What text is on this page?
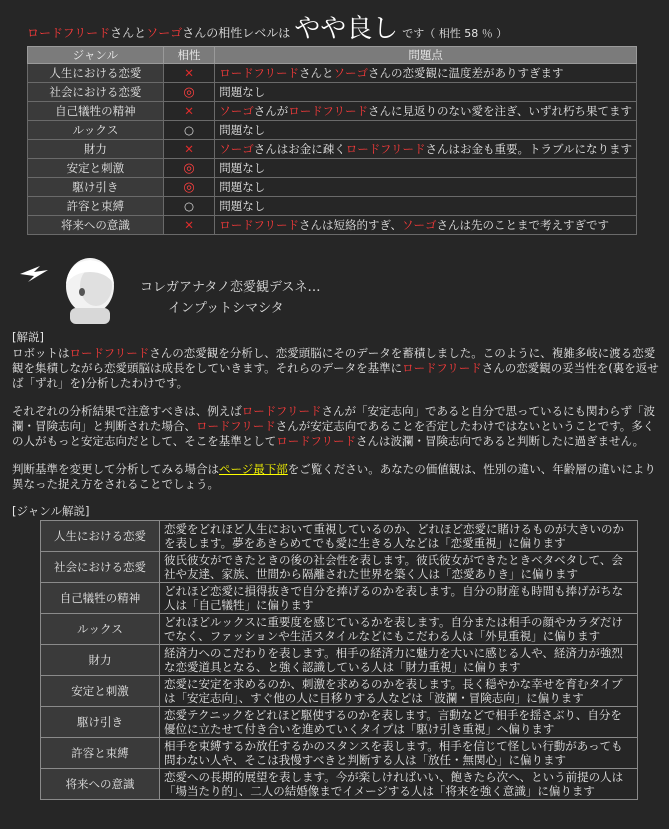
ロードフリードさんとソーゴさんの相性レベルは やや良し です（ 相性 58 ％ ）
ジャンル	相性	問題点
人生における恋愛	✕	ロードフリードさんとソーゴさんの恋愛観に温度差がありすぎます
社会における恋愛	◎	問題なし
自己犠牲の精神	✕	ソーゴさんがロードフリードさんに見返りのない愛を注ぎ、いずれ朽ち果てます
ルックス	○	問題なし
財力	✕	ソーゴさんはお金に疎くロードフリードさんはお金も重要。トラブルになります
安定と刺激	◎	問題なし
駆け引き	◎	問題なし
許容と束縛	○	問題なし
将来への意識	✕	ロードフリードさんは短絡的すぎ、ソーゴさんは先のことまで考えすぎです
コレガアナタノ恋愛観デスネ…
インプットシマシタ
[解説]
ロボットはロードフリードさんの恋愛観を分析し、恋愛頭脳にそのデータを蓄積しました。このように、複雑多岐に渡る恋愛観を集積しながら恋愛頭脳は成長をしていきます。それらのデータを基準にロードフリードさんの恋愛観の妥当性を(裏を返せば「ずれ」を)分析したわけです。
それぞれの分析結果で注意すべきは、例えばロードフリードさんが「安定志向」であると自分で思っているにも関わらず「波瀾・冒険志向」と判断された場合、ロードフリードさんが安定志向であることを否定したわけではないということです。多くの人がもっと安定志向だとして、そこを基準としてロードフリードさんは波瀾・冒険志向であると判断したに過ぎません。
判断基準を変更して分析してみる場合はページ最下部をご覧ください。あなたの価値観は、性別の違い、年齢層の違いにより異なった捉え方をされることでしょう。
[ジャンル解説]
人生における恋愛	恋愛をどれほど人生において重視しているのか、どれほど恋愛に賭けるものが大きいのかを表します。夢をあきらめてでも愛に生きる人などは「恋愛重視」に偏ります
社会における恋愛	彼氏彼女ができたときの後の社会性を表します。彼氏彼女ができたときベタベタして、会社や友達、家族、世間から隔離された世界を築く人は「恋愛ありき」に偏ります
自己犠牲の精神	どれほど恋愛に損得抜きで自分を捧げるのかを表します。自分の財産も時間も捧げがちな人は「自己犠牲」に偏ります
ルックス	どれほどルックスに重要度を感じているかを表します。自分または相手の顔やカラダだけでなく、ファッションや生活スタイルなどにもこだわる人は「外見重視」に偏ります
財力	経済力へのこだわりを表します。相手の経済力に魅力を大いに感じる人や、経済力が強烈な恋愛道具となる、と強く認識している人は「財力重視」に偏ります
安定と刺激	恋愛に安定を求めるのか、刺激を求めるのかを表します。長く穏やかな幸せを育むタイプは「安定志向」、すぐ他の人に目移りする人などは「波瀾・冒険志向」に偏ります
駆け引き	恋愛テクニックをどれほど駆使するのかを表します。言動などで相手を揺さぶり、自分を優位に立たせて付き合いを進めていくタイプは「駆け引き重視」へ偏ります
許容と束縛	相手を束縛するか放任するかのスタンスを表します。相手を信じて怪しい行動があっても問わない人や、そこは我慢すべきと判断する人は「放任・無関心」に偏ります
将来への意識	恋愛への長期的展望を表します。今が楽しければいい、飽きたら次へ、という前提の人は「場当たり的」、二人の結婚像までイメージする人は「将来を強く意識」に偏ります
